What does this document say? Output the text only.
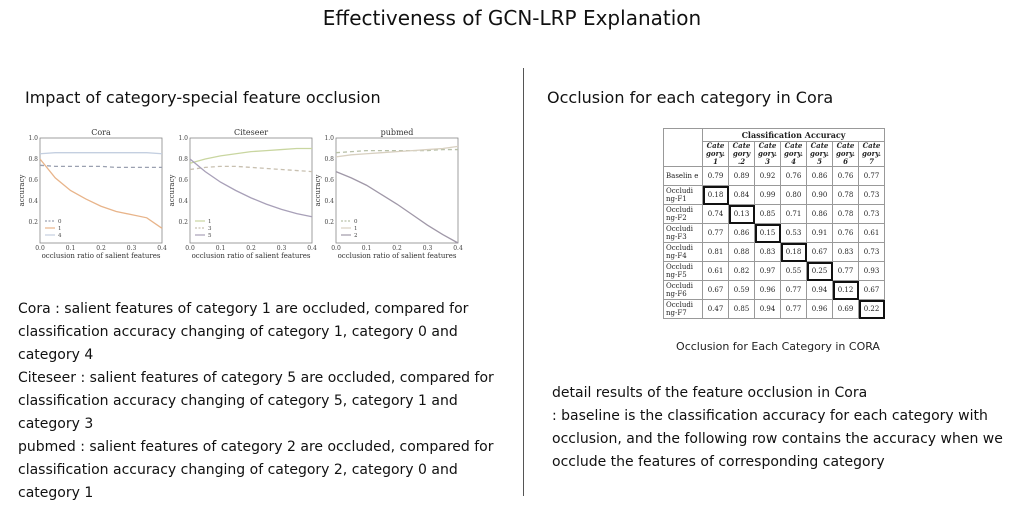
Effectiveness of GCN-LRP Explanation
Impact of category-special feature occlusion	Occlusion for each category in Cora
Cora
0.0	0.1	0.2	0.3	0.4
0.2
0.4
0.6
0.8
1.0
occlusion ratio of salient features
accuracy
0
1
4
Citeseer
0.0	0.1	0.2	0.3	0.4
0.2
0.4
0.6
0.8
1.0
occlusion ratio of salient features
accuracy
1
3
5
pubmed
0.0	0.1	0.2	0.3	0.4
0.2
0.4
0.6
0.8
1.0
occlusion ratio of salient features
accuracy
0
1
2

Cora : salient features of category 1 are occluded, compared for classification accuracy changing of category 1, category 0 and category 4

Citeseer : salient features of category 5 are occluded, compared for classification accuracy changing of category 5, category 1 and category 3

pubmed : salient features of category 2 are occluded, compared for classification accuracy changing of category 2, category 0 and category 1

	Classification Accuracy						
	Cate gory. 1	Cate gory .2	Cate gory. 3	Cate gory. 4	Cate gory. 5	Cate gory. 6	Cate gory. 7
Baselin e	0.79	0.89	0.92	0.76	0.86	0.76	0.77
Occludi ng-F1	0.18	0.84	0.99	0.80	0.90	0.78	0.73
Occludi ng-F2	0.74	0.13	0.85	0.71	0.86	0.78	0.73
Occludi ng-F3	0.77	0.86	0.15	0.53	0.91	0.76	0.61
Occludi ng-F4	0.81	0.88	0.83	0.18	0.67	0.83	0.73
Occludi ng-F5	0.61	0.82	0.97	0.55	0.25	0.77	0.93
Occludi ng-F6	0.67	0.59	0.96	0.77	0.94	0.12	0.67
Occludi ng-F7	0.47	0.85	0.94	0.77	0.96	0.69	0.22
Occlusion for Each Category in CORA

detail results of the feature occlusion in Cora

: baseline is the classification accuracy for each category with occlusion, and the following row contains the accuracy when we occlude the features of corresponding category
